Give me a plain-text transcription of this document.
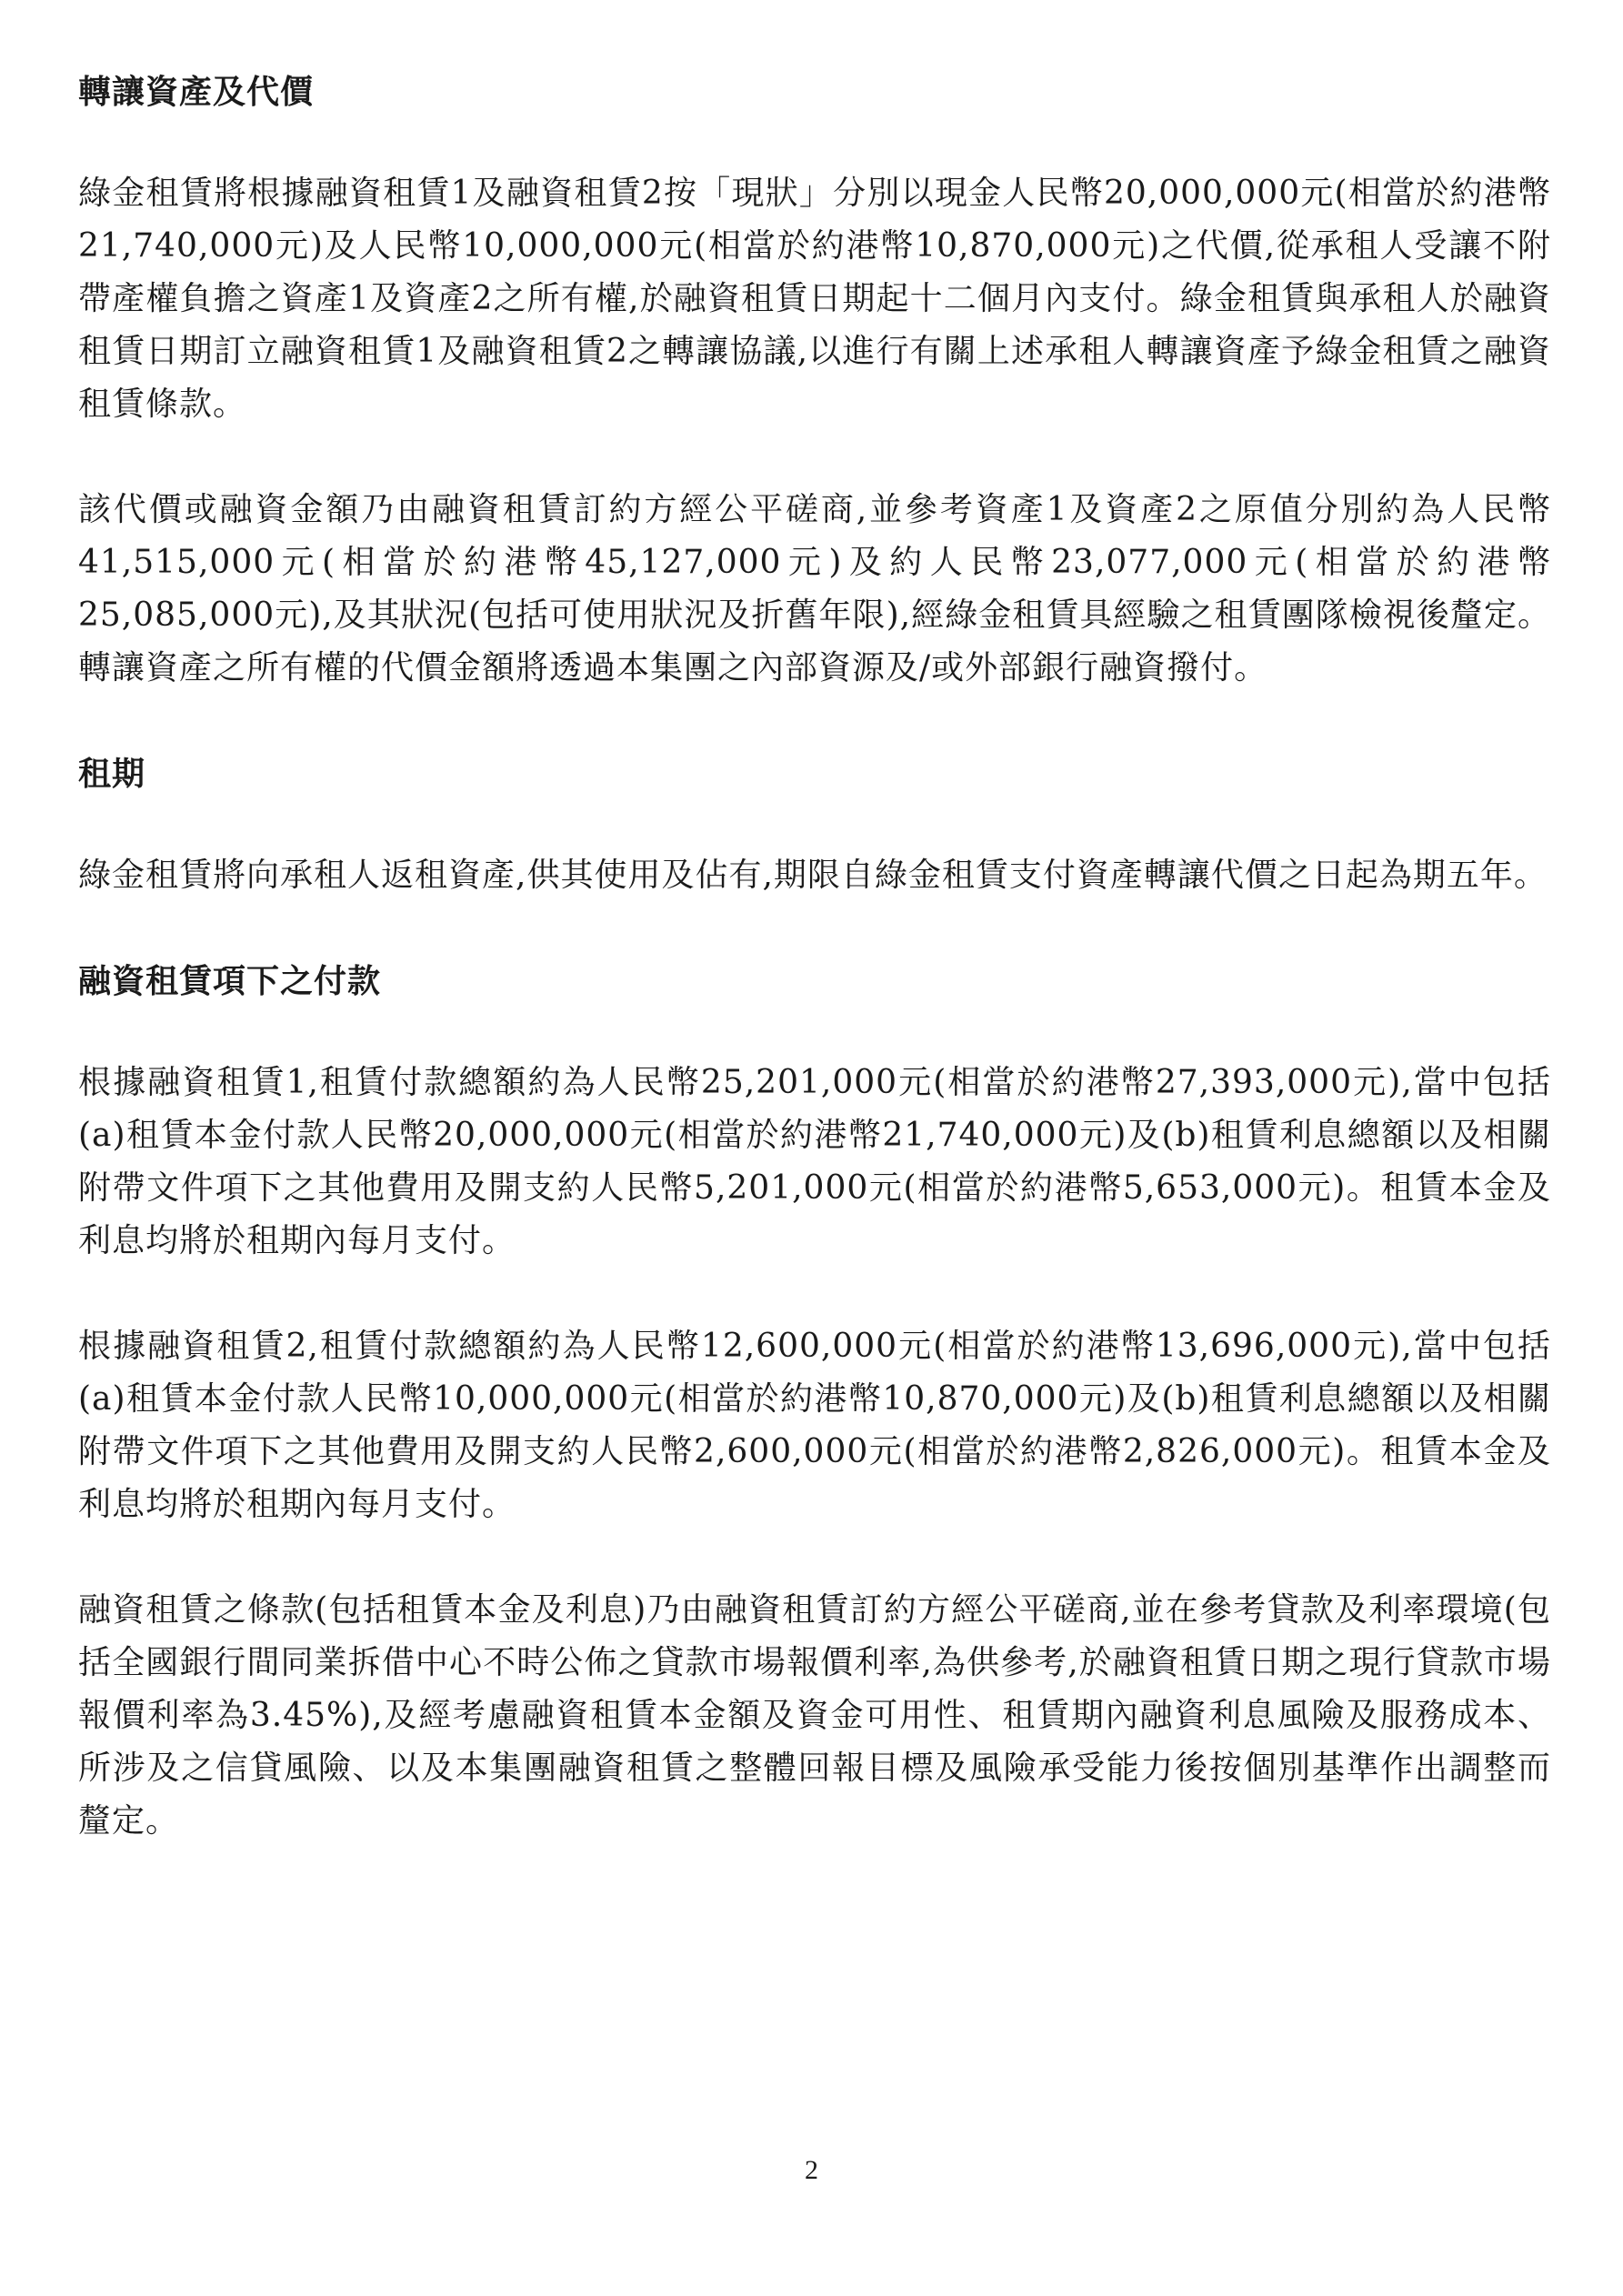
轉讓資產及代價

綠金租賃將根據融資租賃1及融資租賃2按「現狀」分別以現金人民幣20,000,000元(相當於約港幣21,740,000元)及人民幣10,000,000元(相當於約港幣10,870,000元)之代價,從承租人受讓不附帶產權負擔之資產1及資產2之所有權,於融資租賃日期起十二個月內支付。綠金租賃與承租人於融資租賃日期訂立融資租賃1及融資租賃2之轉讓協議,以進行有關上述承租人轉讓資產予綠金租賃之融資租賃條款。

該代價或融資金額乃由融資租賃訂約方經公平磋商,並參考資產1及資產2之原值分別約為人民幣41,515,000元(相當於約港幣45,127,000元)及約人民幣23,077,000元(相當於約港幣25,085,000元),及其狀況(包括可使用狀況及折舊年限),經綠金租賃具經驗之租賃團隊檢視後釐定。轉讓資產之所有權的代價金額將透過本集團之內部資源及/或外部銀行融資撥付。

租期

綠金租賃將向承租人返租資產,供其使用及佔有,期限自綠金租賃支付資產轉讓代價之日起為期五年。

融資租賃項下之付款

根據融資租賃1,租賃付款總額約為人民幣25,201,000元(相當於約港幣27,393,000元),當中包括(a)租賃本金付款人民幣20,000,000元(相當於約港幣21,740,000元)及(b)租賃利息總額以及相關附帶文件項下之其他費用及開支約人民幣5,201,000元(相當於約港幣5,653,000元)。租賃本金及利息均將於租期內每月支付。

根據融資租賃2,租賃付款總額約為人民幣12,600,000元(相當於約港幣13,696,000元),當中包括(a)租賃本金付款人民幣10,000,000元(相當於約港幣10,870,000元)及(b)租賃利息總額以及相關附帶文件項下之其他費用及開支約人民幣2,600,000元(相當於約港幣2,826,000元)。租賃本金及利息均將於租期內每月支付。

融資租賃之條款(包括租賃本金及利息)乃由融資租賃訂約方經公平磋商,並在參考貸款及利率環境(包括全國銀行間同業拆借中心不時公佈之貸款市場報價利率,為供參考,於融資租賃日期之現行貸款市場報價利率為3.45%),及經考慮融資租賃本金額及資金可用性、租賃期內融資利息風險及服務成本、所涉及之信貸風險、以及本集團融資租賃之整體回報目標及風險承受能力後按個別基準作出調整而釐定。

2
